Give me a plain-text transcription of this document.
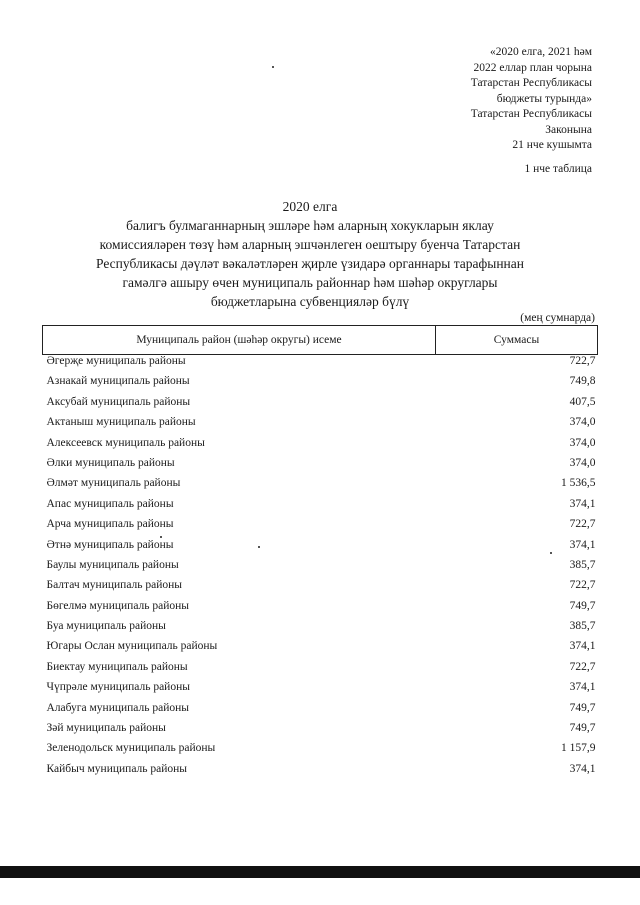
«2020 елга, 2021 һәм
2022 еллар план чорына
Татарстан Республикасы
бюджеты турында»
Татарстан Республикасы
Законына
21 нче кушымта
1 нче таблица
2020 елга
балигъ булмаганнарның эшләре һәм аларның хокукларын яклау
комиссияләрен төзү һәм аларның эшчәнлеген оештыру буенча Татарстан
Республикасы дәүләт вәкаләтләрен җирле үзидарә органнары тарафыннан
гамәлгә ашыру өчен муниципаль районнар һәм шәһәр округлары
бюджетларына субвенцияләр бүлү
(мең сумнарда)
Муниципаль район (шәһәр округы) исеме	Суммасы
Әгерҗе муниципаль районы	722,7
Азнакай муниципаль районы	749,8
Аксубай муниципаль районы	407,5
Актаныш муниципаль районы	374,0
Алексеевск муниципаль районы	374,0
Әлки муниципаль районы	374,0
Әлмәт муниципаль районы	1 536,5
Апас муниципаль районы	374,1
Арча муниципаль районы	722,7
Әтнә муниципаль районы	374,1
Баулы муниципаль районы	385,7
Балтач муниципаль районы	722,7
Бөгелмә муниципаль районы	749,7
Буа муниципаль районы	385,7
Югары Ослан муниципаль районы	374,1
Биектау муниципаль районы	722,7
Чүпрәле муниципаль районы	374,1
Алабуга муниципаль районы	749,7
Зәй муниципаль районы	749,7
Зеленодольск муниципаль районы	1 157,9
Кайбыч муниципаль районы	374,1
